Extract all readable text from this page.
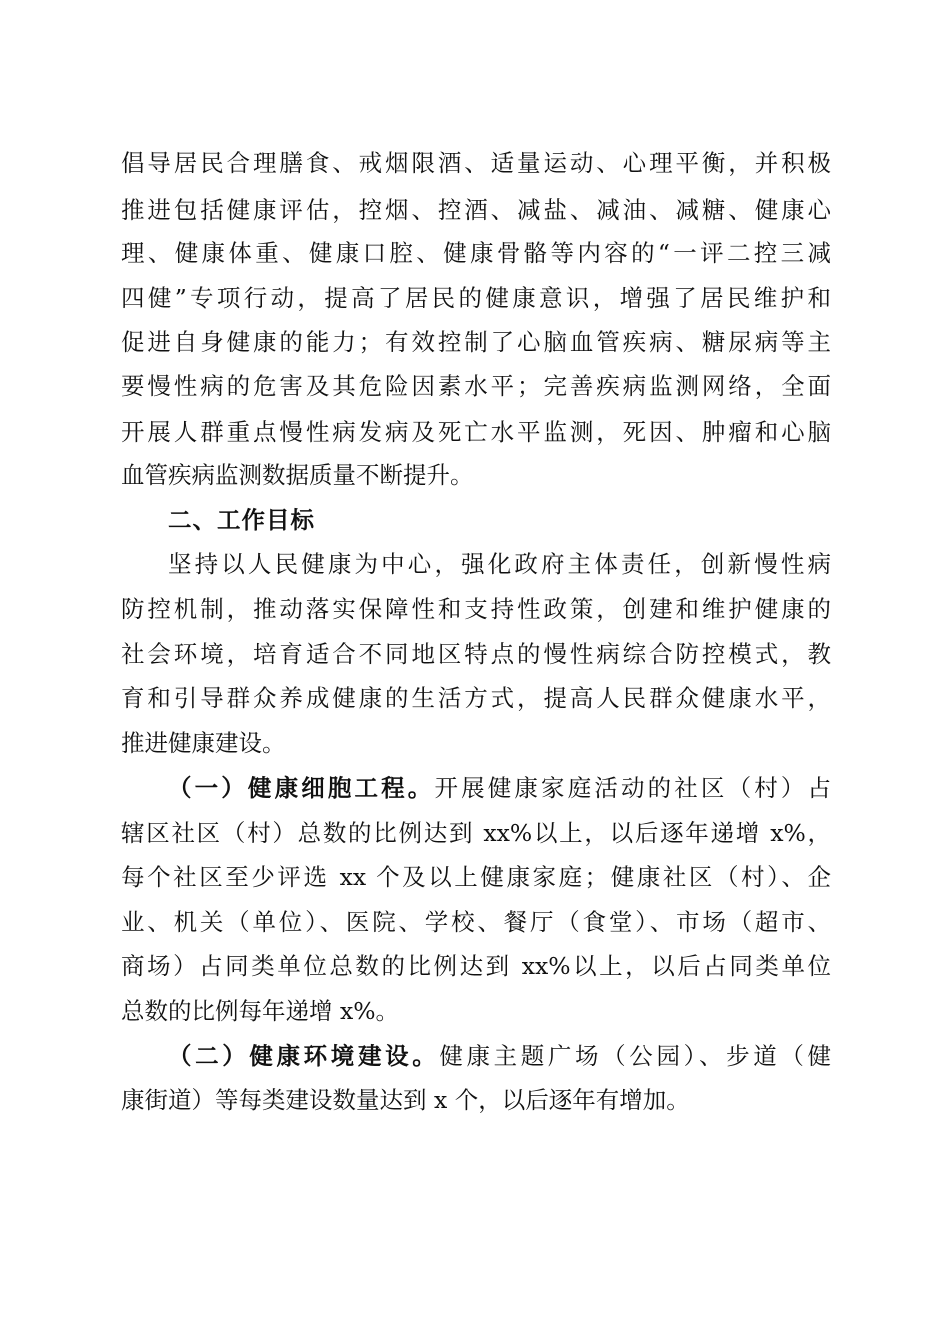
倡导居民合理膳食、戒烟限酒、适量运动、心理平衡，并积极
推进包括健康评估，控烟、控酒、减盐、减油、减糖、健康心
理、健康体重、健康口腔、健康骨骼等内容的“一评二控三减
四健”专项行动，提高了居民的健康意识，增强了居民维护和
促进自身健康的能力；有效控制了心脑血管疾病、糖尿病等主
要慢性病的危害及其危险因素水平；完善疾病监测网络，全面
开展人群重点慢性病发病及死亡水平监测，死因、肿瘤和心脑
血管疾病监测数据质量不断提升。
二、工作目标
坚持以人民健康为中心，强化政府主体责任，创新慢性病
防控机制，推动落实保障性和支持性政策，创建和维护健康的
社会环境，培育适合不同地区特点的慢性病综合防控模式，教
育和引导群众养成健康的生活方式，提高人民群众健康水平，
推进健康建设。
（一）健康细胞工程。开展健康家庭活动的社区（村）占
辖区社区（村）总数的比例达到 xx%以上，以后逐年递增 x%，
每个社区至少评选 xx 个及以上健康家庭；健康社区（村）、企
业、机关（单位）、医院、学校、餐厅（食堂）、市场（超市、
商场）占同类单位总数的比例达到 xx%以上，以后占同类单位
总数的比例每年递增 x%。
（二）健康环境建设。健康主题广场（公园）、步道（健
康街道）等每类建设数量达到 x 个，以后逐年有增加。
